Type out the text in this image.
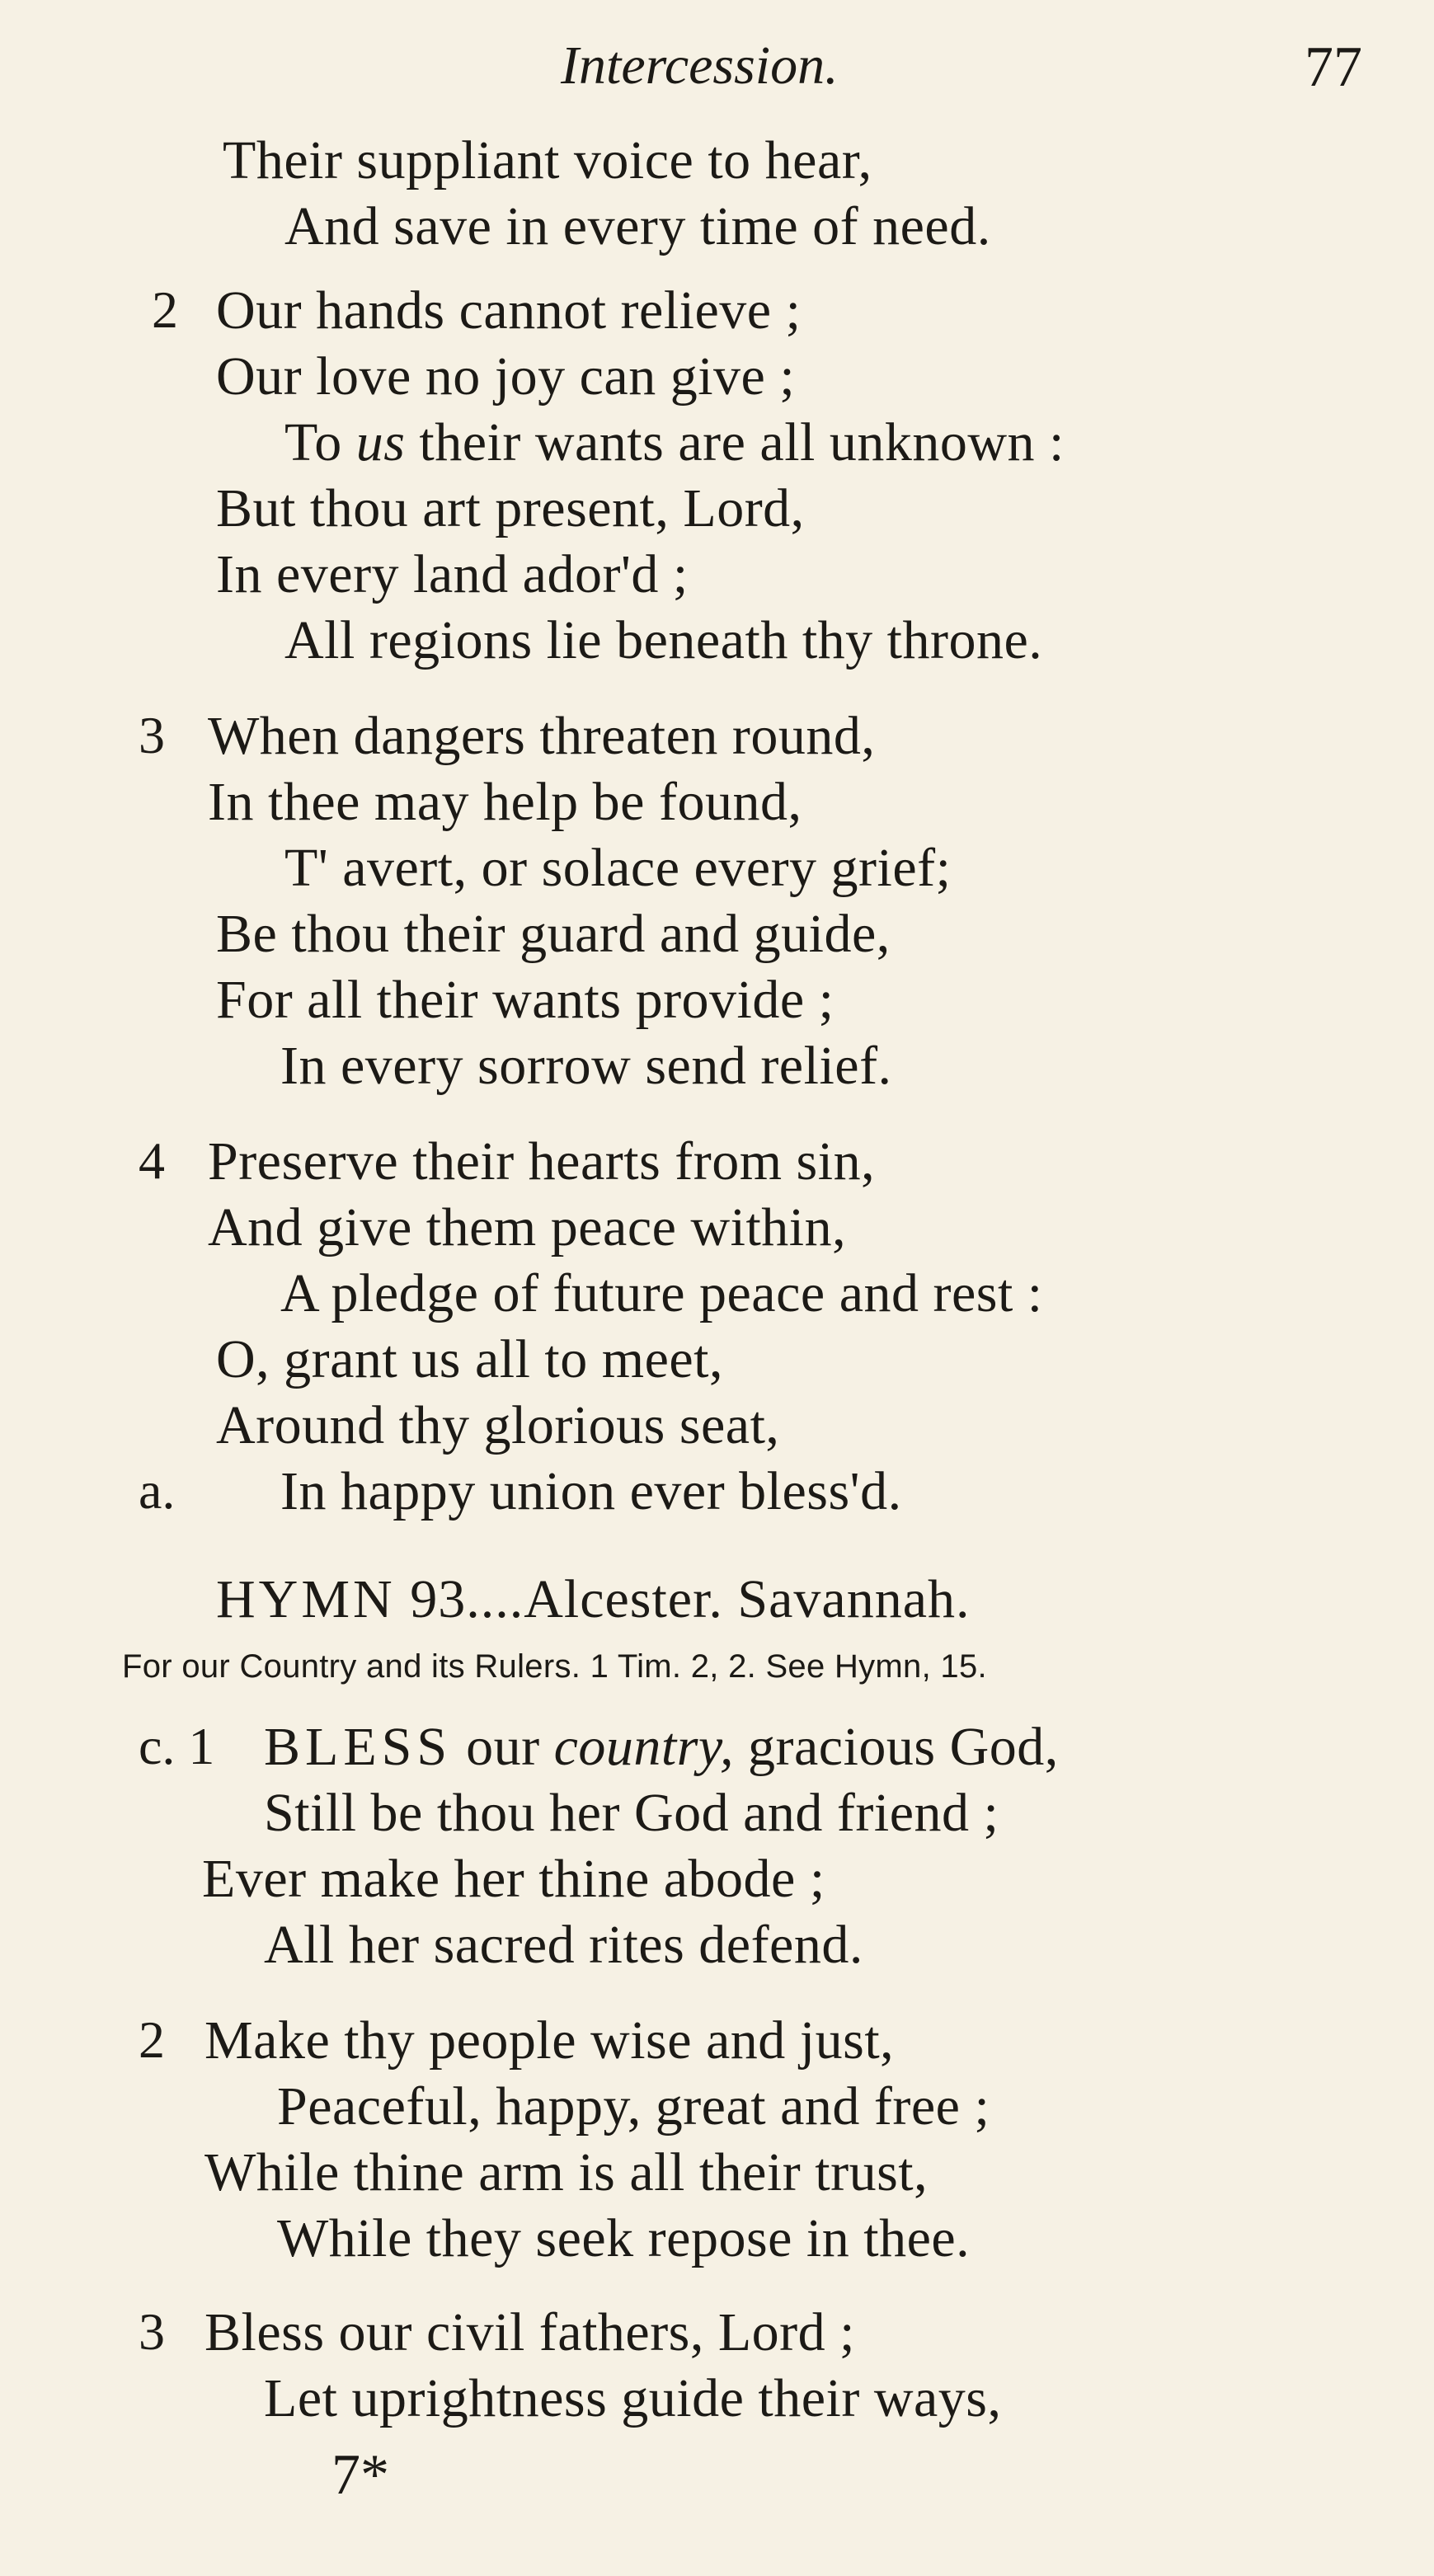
Intercession.	77
Their suppliant voice to hear,
And save in every time of need.
2 Our hands cannot relieve ;
Our love no joy can give ;
To us their wants are all unknown :
But thou art present, Lord,
In every land ador'd ;
All regions lie beneath thy throne.
3 When dangers threaten round,
In thee may help be found,
T' avert, or solace every grief;
Be thou their guard and guide,
For all their wants provide ;
In every sorrow send relief.
4 Preserve their hearts from sin,
And give them peace within,
A pledge of future peace and rest :
O, grant us all to meet,
Around thy glorious seat,
a. In happy union ever bless'd.
HYMN 93....Alcester. Savannah.
For our Country and its Rulers. 1 Tim. 2, 2. See Hymn, 15.
c. 1 BLESS our country, gracious God,
Still be thou her God and friend ;
Ever make her thine abode ;
All her sacred rites defend.
2 Make thy people wise and just,
Peaceful, happy, great and free ;
While thine arm is all their trust,
While they seek repose in thee.
3 Bless our civil fathers, Lord ;
Let uprightness guide their ways,
7*
